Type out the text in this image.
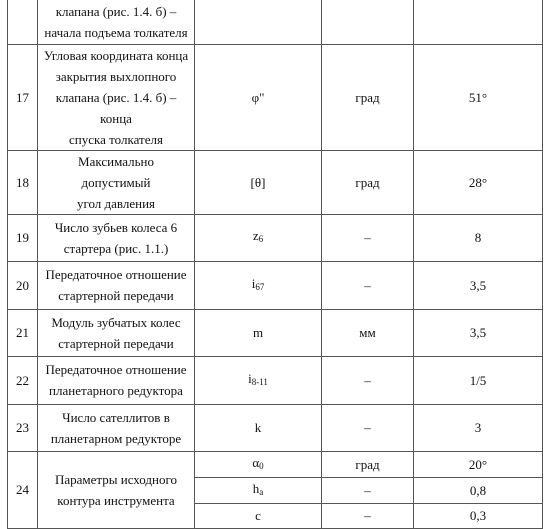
	клапана (рис. 1.4. б) –
начала подъема толкателя			

17	Угловая координата конца
закрытия выхлопного
клапана (рис. 1.4. б) – конца
спуска толкателя	φ"	град	51°
18	Максимально допустимый
угол давления	[θ]	град	28°
19	Число зубьев колеса 6
стартера (рис. 1.1.)	$z_6$	–	8
20	Передаточное отношение
стартерной передачи	$i_{67}$	–	3,5
21	Модуль зубчатых колес
стартерной передачи	m	мм	3,5
22	Передаточное отношение
планетарного редуктора	$i_{8-11}$	–	1/5
23	Число сателлитов в
планетарном редукторе	k	–	3
24	Параметры исходного
контура инструмента	$\alpha_0$	град	20°
		$h_a$	–	0,8
		c	–	0,3
